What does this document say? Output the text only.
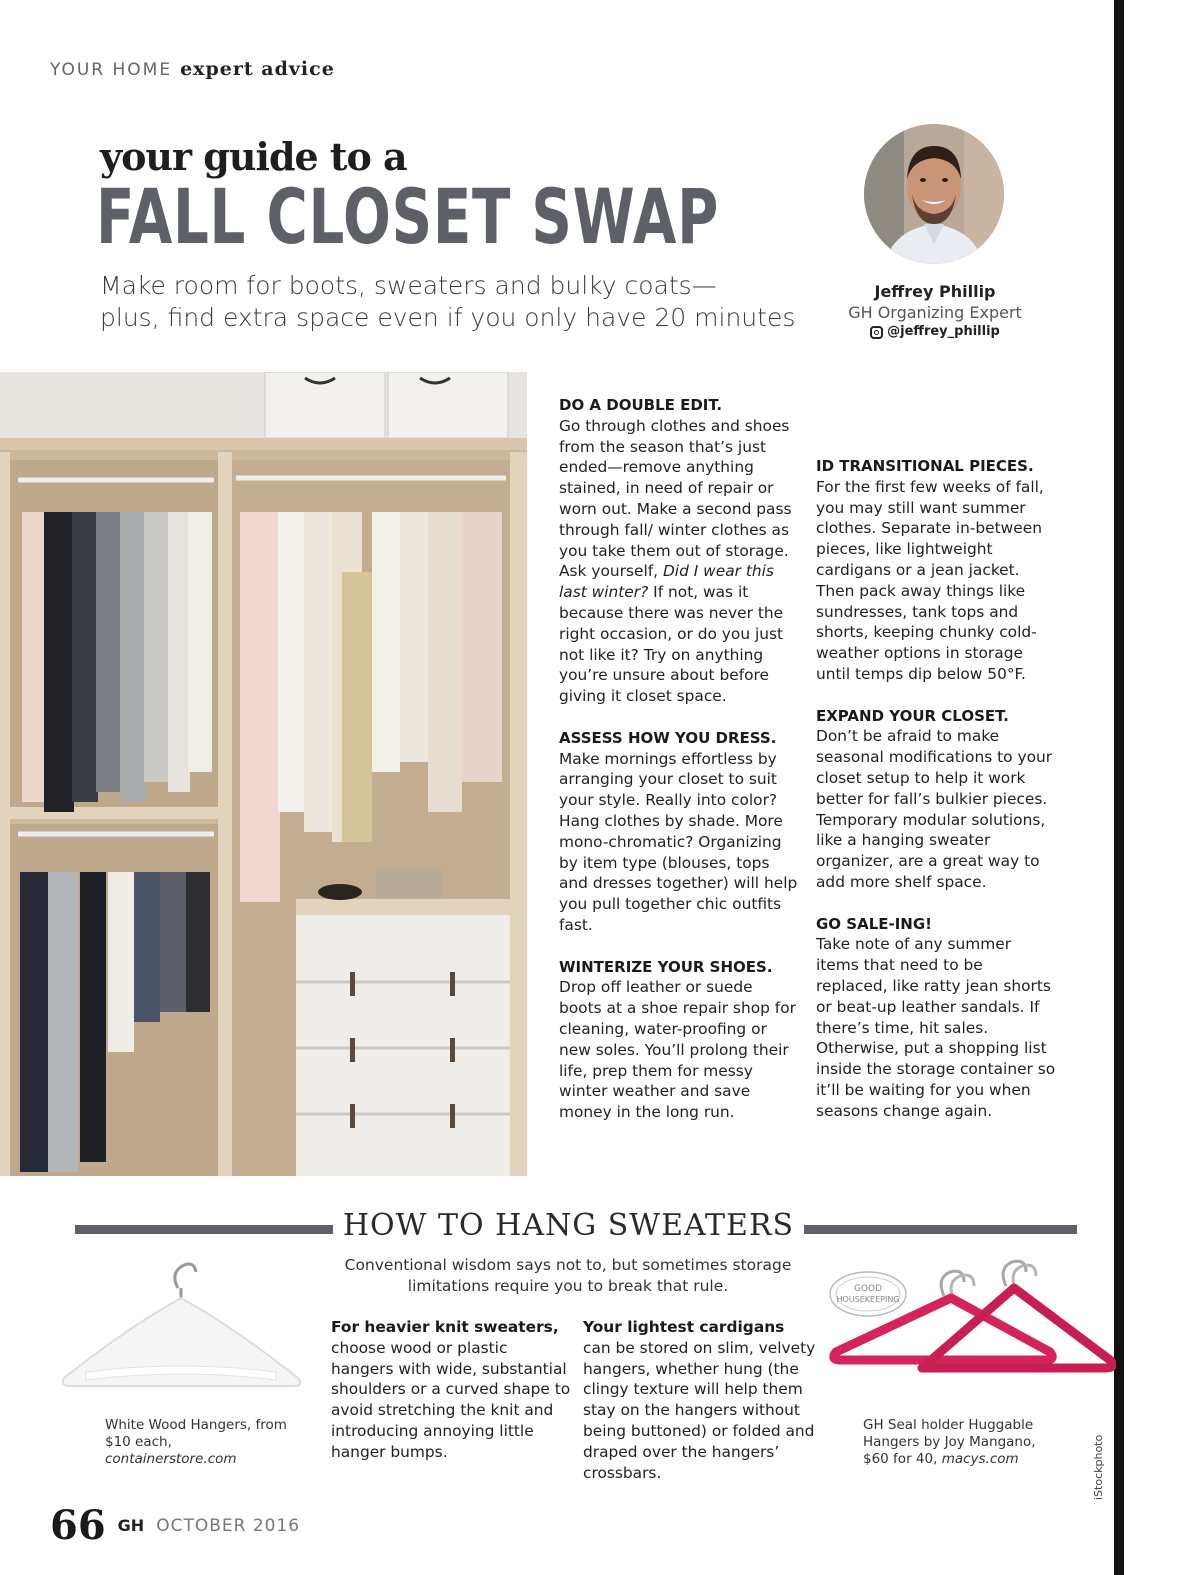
YOUR HOME expert advice
your guide to a
FALL CLOSET SWAP
Make room for boots, sweaters and bulky coats—
plus, find extra space even if you only have 20 minutes
Jeffrey Phillip
GH Organizing Expert
@jeffrey_phillip
DO A DOUBLE EDIT.

Go through clothes and shoes from the season that’s just ended—remove anything stained, in need of repair or worn out. Make a second pass through fall/ winter clothes as you take them out of storage. Ask yourself, Did I wear this last winter? If not, was it because there was never the right occasion, or do you just not like it? Try on anything you’re unsure about before giving it closet space.

ASSESS HOW YOU DRESS.

Make mornings effortless by arranging your closet to suit your style. Really into color? Hang clothes by shade. More mono-chromatic? Organizing by item type (blouses, tops and dresses together) will help you pull together chic outfits fast.

WINTERIZE YOUR SHOES.

Drop off leather or suede boots at a shoe repair shop for cleaning, water-proofing or new soles. You’ll prolong their life, prep them for messy winter weather and save money in the long run.

ID TRANSITIONAL PIECES.

For the first few weeks of fall, you may still want summer clothes. Separate in-between pieces, like lightweight cardigans or a jean jacket. Then pack away things like sundresses, tank tops and shorts, keeping chunky cold-weather options in storage until temps dip below 50°F.

EXPAND YOUR CLOSET.

Don’t be afraid to make seasonal modifications to your closet setup to help it work better for fall’s bulkier pieces. Temporary modular solutions, like a hanging sweater organizer, are a great way to add more shelf space.

GO SALE-ING!

Take note of any summer items that need to be replaced, like ratty jean shorts or beat-up leather sandals. If there’s time, hit sales. Otherwise, put a shopping list inside the storage container so it’ll be waiting for you when seasons change again.

HOW TO HANG SWEATERS
Conventional wisdom says not to, but sometimes storage limitations require you to break that rule.
For heavier knit sweaters,
choose wood or plastic hangers with wide, substantial shoulders or a curved shape to avoid stretching the knit and introducing annoying little hanger bumps.
Your lightest cardigans
can be stored on slim, velvety hangers, whether hung (the clingy texture will help them stay on the hangers without being buttoned) or folded and draped over the hangers’ crossbars.
GOOD
HOUSEKEEPING
White Wood Hangers, from $10 each, containerstore.com
GH Seal holder Huggable Hangers by Joy Mangano, $60 for 40, macys.com
66 GH OCTOBER 2016
iStockphoto
